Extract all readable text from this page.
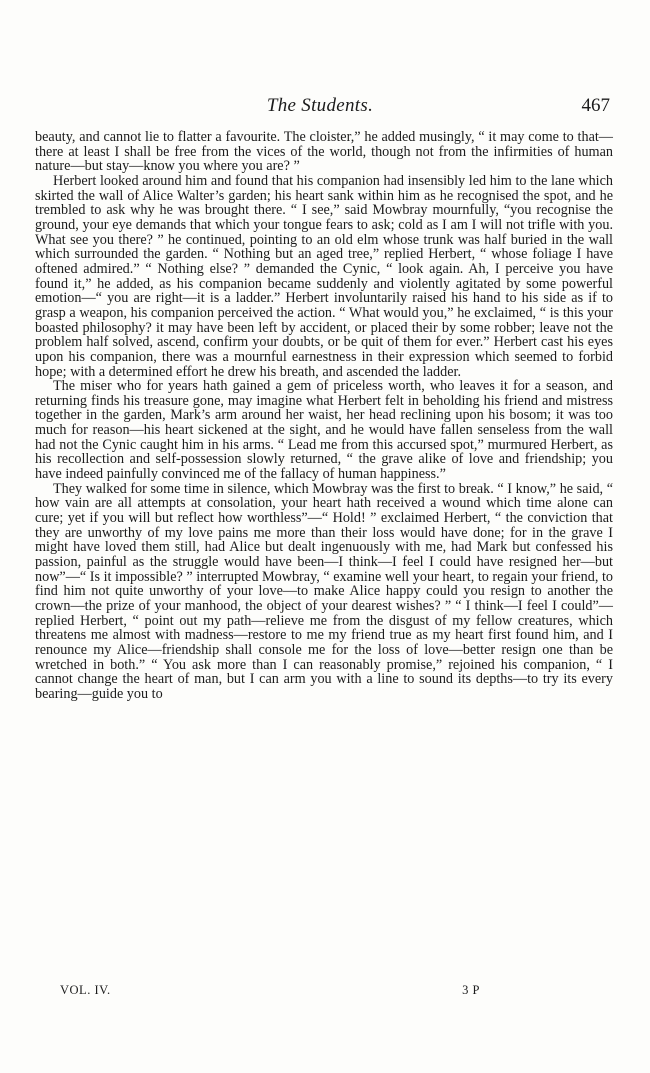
The Students.	467

beauty, and cannot lie to flatter a favourite. The cloister,” he added musingly, “ it may come to that—there at least I shall be free from the vices of the world, though not from the infirmities of human nature—but stay—know you where you are? ”

Herbert looked around him and found that his companion had insensibly led him to the lane which skirted the wall of Alice Walter’s garden; his heart sank within him as he recognised the spot, and he trembled to ask why he was brought there. “ I see,” said Mowbray mournfully, “you recognise the ground, your eye demands that which your tongue fears to ask; cold as I am I will not trifle with you. What see you there? ” he continued, pointing to an old elm whose trunk was half buried in the wall which surrounded the garden. “ Nothing but an aged tree,” replied Herbert, “ whose foliage I have oftened admired.” “ Nothing else? ” demanded the Cynic, “ look again. Ah, I perceive you have found it,” he added, as his companion became suddenly and violently agitated by some powerful emotion—“ you are right—it is a ladder.” Herbert involuntarily raised his hand to his side as if to grasp a weapon, his companion perceived the action. “ What would you,” he exclaimed, “ is this your boasted philosophy? it may have been left by accident, or placed their by some robber; leave not the problem half solved, ascend, confirm your doubts, or be quit of them for ever.” Herbert cast his eyes upon his companion, there was a mournful earnestness in their expression which seemed to forbid hope; with a determined effort he drew his breath, and ascended the ladder.

The miser who for years hath gained a gem of priceless worth, who leaves it for a season, and returning finds his treasure gone, may imagine what Herbert felt in beholding his friend and mistress together in the garden, Mark’s arm around her waist, her head reclining upon his bosom; it was too much for reason—his heart sickened at the sight, and he would have fallen senseless from the wall had not the Cynic caught him in his arms. “ Lead me from this accursed spot,” murmured Herbert, as his recollection and self-possession slowly returned, “ the grave alike of love and friendship; you have indeed painfully convinced me of the fallacy of human happiness.”

They walked for some time in silence, which Mowbray was the first to break. “ I know,” he said, “ how vain are all attempts at consolation, your heart hath received a wound which time alone can cure; yet if you will but reflect how worthless”—“ Hold! ” exclaimed Herbert, “ the conviction that they are unworthy of my love pains me more than their loss would have done; for in the grave I might have loved them still, had Alice but dealt ingenuously with me, had Mark but confessed his passion, painful as the struggle would have been—I think—I feel I could have resigned her—but now”—“ Is it impossible? ” interrupted Mowbray, “ examine well your heart, to regain your friend, to find him not quite unworthy of your love—to make Alice happy could you resign to another the crown—the prize of your manhood, the object of your dearest wishes? ” “ I think—I feel I could”—replied Herbert, “ point out my path—relieve me from the disgust of my fellow creatures, which threatens me almost with madness—restore to me my friend true as my heart first found him, and I renounce my Alice—friendship shall console me for the loss of love—better resign one than be wretched in both.” “ You ask more than I can reasonably promise,” rejoined his companion, “ I cannot change the heart of man, but I can arm you with a line to sound its depths—to try its every bearing—guide you to

VOL. IV.	3 P
